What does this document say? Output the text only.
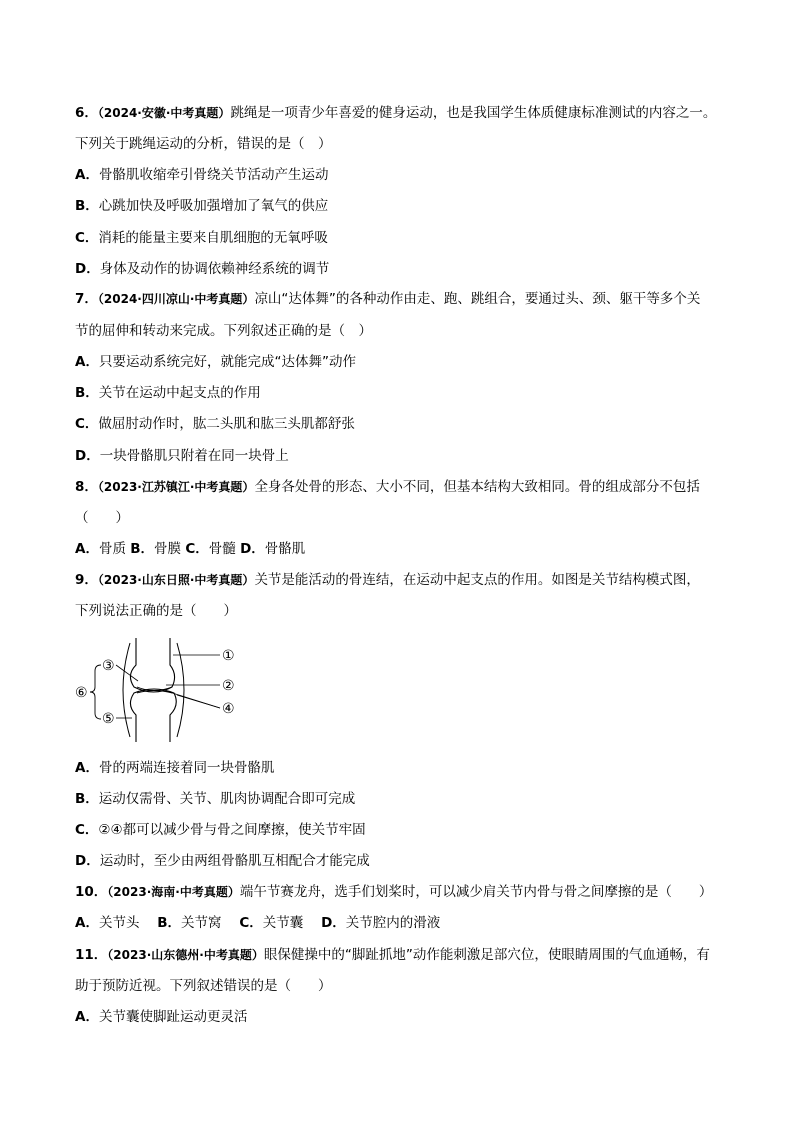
6．（2024·安徽·中考真题）跳绳是一项青少年喜爱的健身运动，也是我国学生体质健康标准测试的内容之一。
下列关于跳绳运动的分析，错误的是（　）
A．骨骼肌收缩牵引骨绕关节活动产生运动
B．心跳加快及呼吸加强增加了氧气的供应
C．消耗的能量主要来自肌细胞的无氧呼吸
D．身体及动作的协调依赖神经系统的调节
7．（2024·四川凉山·中考真题）凉山“达体舞”的各种动作由走、跑、跳组合，要通过头、颈、躯干等多个关
节的屈伸和转动来完成。下列叙述正确的是（　）
A．只要运动系统完好，就能完成“达体舞”动作
B．关节在运动中起支点的作用
C．做屈肘动作时，肱二头肌和肱三头肌都舒张
D．一块骨骼肌只附着在同一块骨上
8．（2023·江苏镇江·中考真题）全身各处骨的形态、大小不同，但基本结构大致相同。骨的组成部分不包括
（　　）
A．骨质 B．骨膜 C．骨髓 D．骨骼肌
9．（2023·山东日照·中考真题）关节是能活动的骨连结，在运动中起支点的作用。如图是关节结构模式图，
下列说法正确的是（　　）
①
②
③
④
⑤
⑥
A．骨的两端连接着同一块骨骼肌
B．运动仅需骨、关节、肌肉协调配合即可完成
C．②④都可以减少骨与骨之间摩擦，使关节牢固
D．运动时，至少由两组骨骼肌互相配合才能完成
10．（2023·海南·中考真题）端午节赛龙舟，选手们划桨时，可以减少肩关节内骨与骨之间摩擦的是（　　）
A．关节头　 B．关节窝　 C．关节囊　 D．关节腔内的滑液
11．（2023·山东德州·中考真题）眼保健操中的“脚趾抓地”动作能刺激足部穴位，使眼睛周围的气血通畅，有
助于预防近视。下列叙述错误的是（　　）
A．关节囊使脚趾运动更灵活
